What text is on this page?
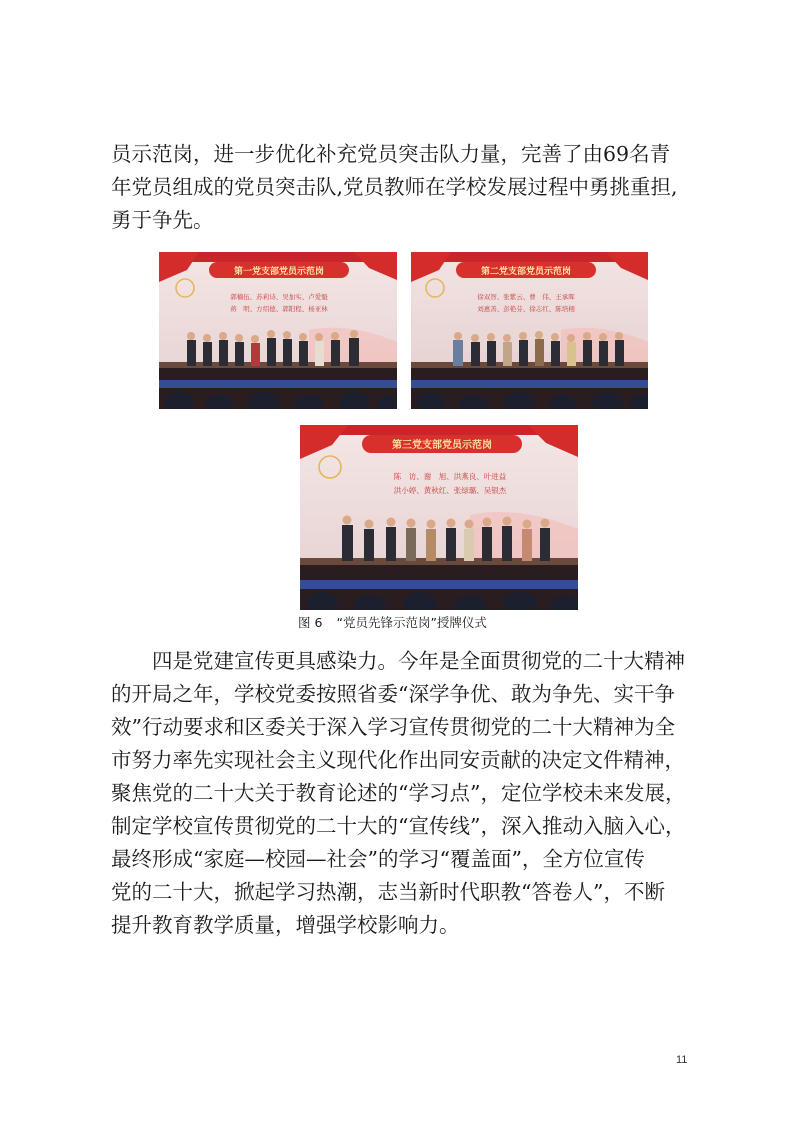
员示范岗，进一步优化补充党员突击队力量，完善了由69名青
年党员组成的党员突击队,党员教师在学校发展过程中勇挑重担,
勇于争先。

第一党支部党员示范岗
郭楠伍、苏莉诗、吴加实、卢爱魁
蒋　明、方绍德、郭阳程、杨亚林
第二党支部党员示范岗
徐双智、张紫云、曹　伟、王承晖
刘惠善、彭艳芬、徐志红、陈培栩
第三党支部党员示范岗
陈　访、谢　旭、洪燕良、叶进益
洪小婷、黄秋红、张绿璐、吴银杰
图 6 “党员先锋示范岗”授牌仪式

四是党建宣传更具感染力。今年是全面贯彻党的二十大精神
的开局之年，学校党委按照省委“深学争优、敢为争先、实干争
效”行动要求和区委关于深入学习宣传贯彻党的二十大精神为全
市努力率先实现社会主义现代化作出同安贡献的决定文件精神，
聚焦党的二十大关于教育论述的“学习点”，定位学校未来发展，
制定学校宣传贯彻党的二十大的“宣传线”，深入推动入脑入心，
最终形成“家庭—校园—社会”的学习“覆盖面”，全方位宣传
党的二十大，掀起学习热潮，志当新时代职教“答卷人”，不断
提升教育教学质量，增强学校影响力。

11
